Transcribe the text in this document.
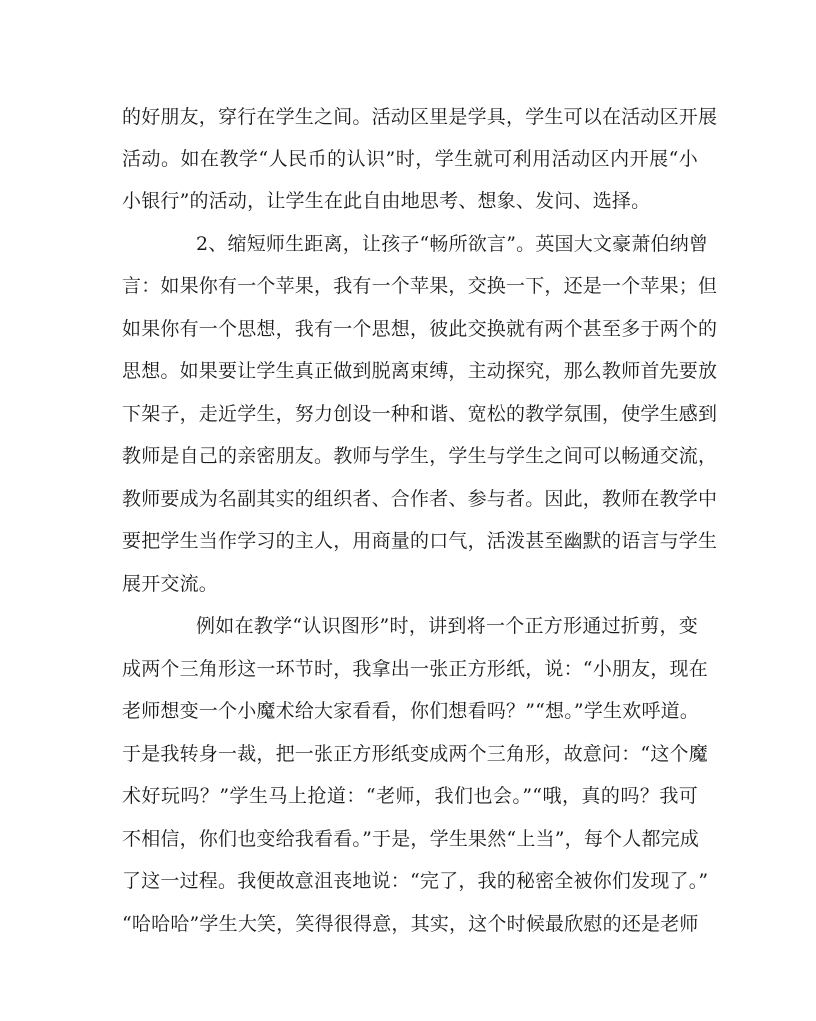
的好朋友，穿行在学生之间。活动区里是学具，学生可以在活动区开展
活动。如在教学“人民币的认识”时，学生就可利用活动区内开展“小
小银行”的活动，让学生在此自由地思考、想象、发问、选择。
2、缩短师生距离，让孩子“畅所欲言”。英国大文豪萧伯纳曾
言：如果你有一个苹果，我有一个苹果，交换一下，还是一个苹果；但
如果你有一个思想，我有一个思想，彼此交换就有两个甚至多于两个的
思想。如果要让学生真正做到脱离束缚，主动探究，那么教师首先要放
下架子，走近学生，努力创设一种和谐、宽松的教学氛围，使学生感到
教师是自己的亲密朋友。教师与学生，学生与学生之间可以畅通交流，
教师要成为名副其实的组织者、合作者、参与者。因此，教师在教学中
要把学生当作学习的主人，用商量的口气，活泼甚至幽默的语言与学生
展开交流。
例如在教学“认识图形”时，讲到将一个正方形通过折剪，变
成两个三角形这一环节时，我拿出一张正方形纸，说：“小朋友，现在
老师想变一个小魔术给大家看看，你们想看吗？”“想。”学生欢呼道。
于是我转身一裁，把一张正方形纸变成两个三角形，故意问：“这个魔
术好玩吗？”学生马上抢道：“老师，我们也会。”“哦，真的吗？我可
不相信，你们也变给我看看。”于是，学生果然“上当”，每个人都完成
了这一过程。我便故意沮丧地说：“完了，我的秘密全被你们发现了。”
“哈哈哈”学生大笑，笑得很得意，其实，这个时候最欣慰的还是老师
